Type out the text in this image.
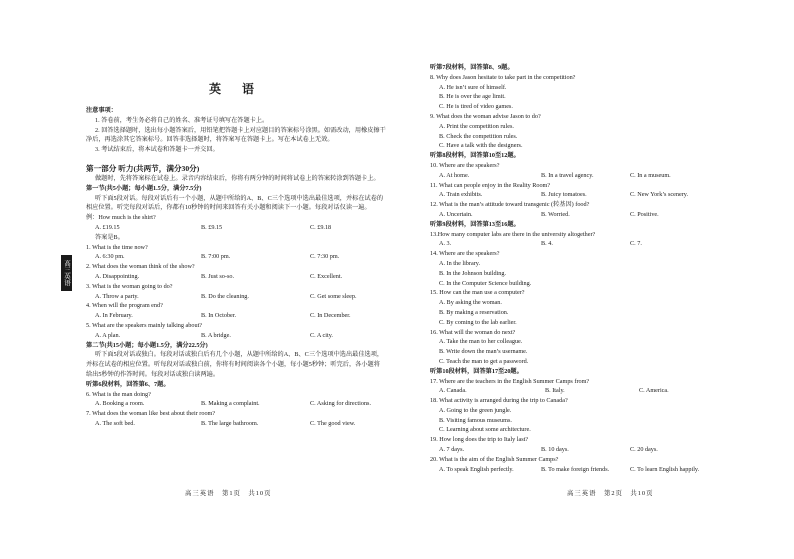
高三英语
英 语
注意事项：
1. 答卷前，考生务必将自己的姓名、准考证号填写在答题卡上。
2. 回答选择题时，选出每小题答案后，用铅笔把答题卡上对应题目的答案标号涂黑。如需改动，用橡皮擦干净后，再选涂其它答案标号。回答非选择题时，将答案写在答题卡上。写在本试卷上无效。
3. 考试结束后，将本试卷和答题卡一并交回。
第一部分 听力(共两节，满分30分)
做题时，先将答案标在试卷上。录音内容结束后，你将有两分钟的时间将试卷上的答案转涂到答题卡上。
第一节(共5小题；每小题1.5分，满分7.5分)
听下面5段对话。每段对话后有一个小题，从题中所给的A、B、C三个选项中选出最佳选项，并标在试卷的相应位置。听完每段对话后，你都有10秒钟的时间来回答有关小题和阅读下一小题。每段对话仅读一遍。
例：How much is the shirt?
A. £19.15	B. £9.15	C. £9.18
答案是B。
1. What is the time now?
A. 6:30 pm.	B. 7:00 pm.	C. 7:30 pm.
2. What does the woman think of the show?
A. Disappointing.	B. Just so-so.	C. Excellent.
3. What is the woman going to do?
A. Throw a party.	B. Do the cleaning.	C. Get some sleep.
4. When will the program end?
A. In February.	B. In October.	C. In December.
5. What are the speakers mainly talking about?
A. A plan.	B. A bridge.	C. A city.
第二节(共15小题；每小题1.5分，满分22.5分)
听下面5段对话或独白。每段对话或独白后有几个小题，从题中所给的A、B、C三个选项中选出最佳选项，并标在试卷的相应位置。听每段对话或独白前，你将有时间阅读各个小题，每小题5秒钟；听完后，各小题将给出5秒钟的作答时间。每段对话或独白读两遍。
听第6段材料，回答第6、7题。
6. What is the man doing?
A. Booking a room.	B. Making a complaint.	C. Asking for directions.
7. What does the woman like best about their room?
A. The soft bed.	B. The large bathroom.	C. The good view.
高三英语　第1页　共10页
听第7段材料，回答第8、9题。
8. Why does Jason hesitate to take part in the competition?
A. He isn’t sure of himself.
B. He is over the age limit.
C. He is tired of video games.
9. What does the woman advise Jason to do?
A. Print the competition rules.
B. Check the competition rules.
C. Have a talk with the designers.
听第8段材料，回答第10至12题。
10. Where are the speakers?
A. At home.	B. In a travel agency.	C. In a museum.
11. What can people enjoy in the Reality Room?
A. Train exhibits.	B. Juicy tomatoes.	C. New York’s scenery.
12. What is the man’s attitude toward transgenic (转基因) food?
A. Uncertain.	B. Worried.	C. Positive.
听第9段材料，回答第13至16题。
13.How many computer labs are there in the university altogether?
A. 3.	B. 4.	C. 7.
14. Where are the speakers?
A. In the library.
B. In the Johnson building.
C. In the Computer Science building.
15. How can the man use a computer?
A. By asking the woman.
B. By making a reservation.
C. By coming to the lab earlier.
16. What will the woman do next?
A. Take the man to her colleague.
B. Write down the man’s username.
C. Teach the man to get a password.
听第10段材料，回答第17至20题。
17. Where are the teachers in the English Summer Camps from?
A. Canada.	B. Italy.	C. America.
18. What activity is arranged during the trip to Canada?
A. Going to the green jungle.
B. Visiting famous museums.
C. Learning about some architecture.
19. How long does the trip to Italy last?
A. 7 days.	B. 10 days.	C. 20 days.
20. What is the aim of the English Summer Camps?
A. To speak English perfectly.	B. To make foreign friends.	C. To learn English happily.
高三英语　第2页　共10页
